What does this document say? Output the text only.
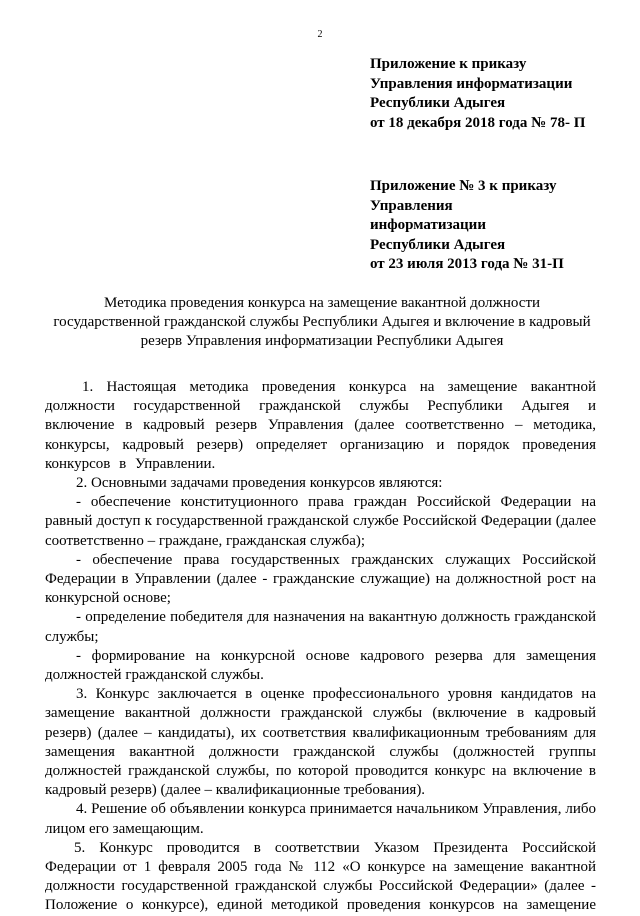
2
Приложение к приказу
Управления информатизации
Республики Адыгея
от 18 декабря 2018 года № 78- П
Приложение № 3 к приказу
Управления
информатизации
Республики Адыгея
от 23 июля 2013 года № 31-П
Методика проведения конкурса на замещение вакантной должности
государственной гражданской службы Республики Адыгея и включение в кадровый
резерв Управления информатизации Республики Адыгея

1. Настоящая методика проведения конкурса на замещение вакантной должности государственной гражданской службы Республики Адыгея и включение в кадровый резерв Управления (далее соответственно – методика, конкурсы, кадровый резерв) определяет организацию и порядок проведения конкурсов в Управлении.

2. Основными задачами проведения конкурсов являются:

- обеспечение конституционного права граждан Российской Федерации на равный доступ к государственной гражданской службе Российской Федерации (далее соответственно – граждане, гражданская служба);

- обеспечение права государственных гражданских служащих Российской Федерации в Управлении (далее - гражданские служащие) на должностной рост на конкурсной основе;

- определение победителя для назначения на вакантную должность гражданской службы;

- формирование на конкурсной основе кадрового резерва для замещения должностей гражданской службы.

3. Конкурс заключается в оценке профессионального уровня кандидатов на замещение вакантной должности гражданской службы (включение в кадровый резерв) (далее – кандидаты), их соответствия квалификационным требованиям для замещения вакантной должности гражданской службы (должностей группы должностей гражданской службы, по которой проводится конкурс на включение в кадровый резерв) (далее – квалификационные требования).

4. Решение об объявлении конкурса принимается начальником Управления, либо лицом его замещающим.

5. Конкурс проводится в соответствии Указом Президента Российской Федерации от 1 февраля 2005 года № 112 «О конкурсе на замещение вакантной должности государственной гражданской службы Российской Федерации» (далее - Положение о конкурсе), единой методикой проведения конкурсов на замещение
